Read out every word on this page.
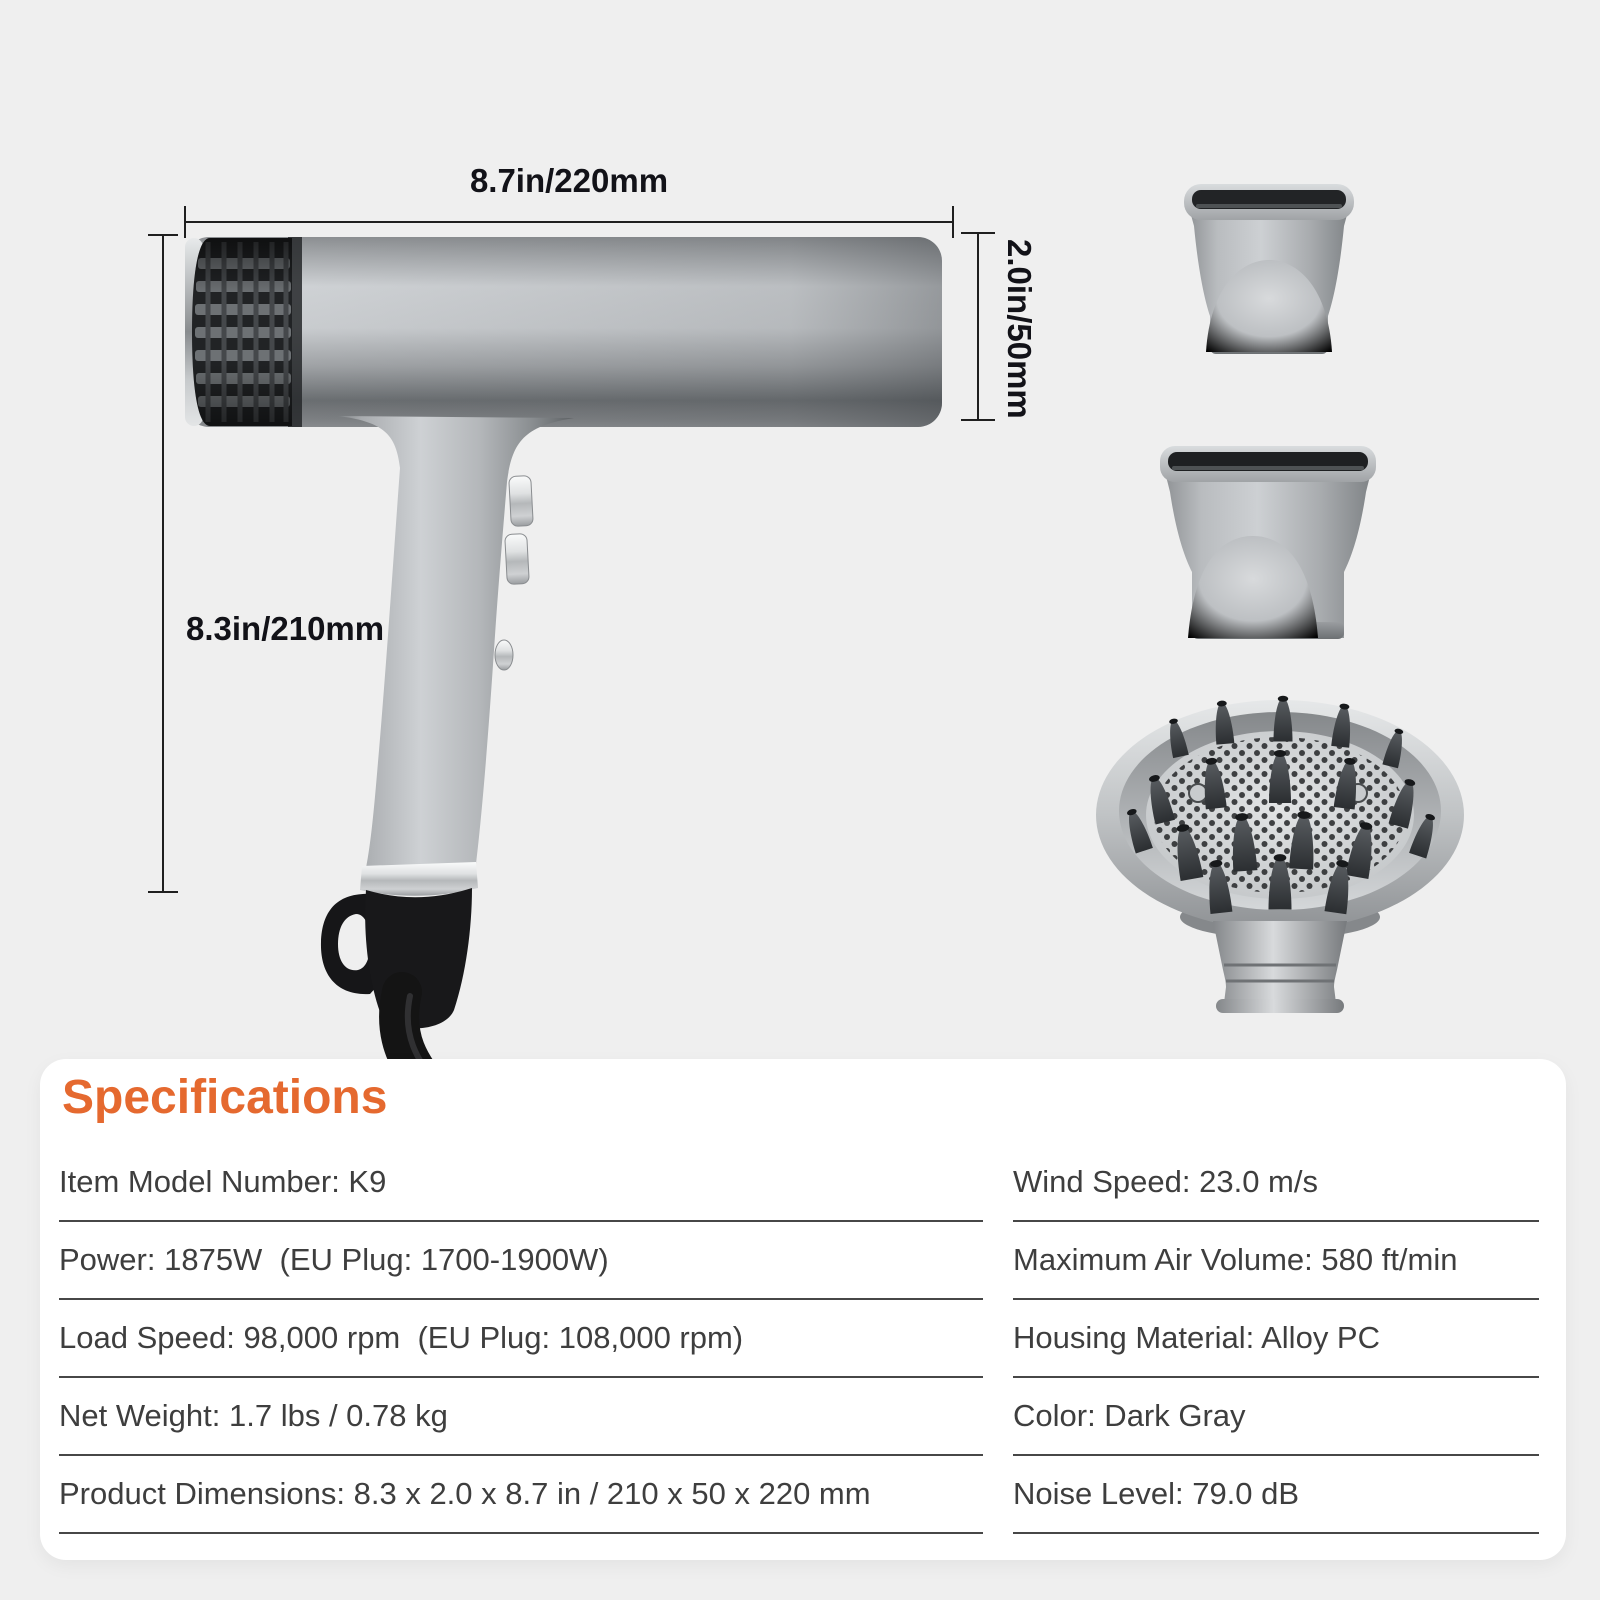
8.7in/220mm
2.0in/50mm
8.3in/210mm
Specifications
Item Model Number: K9
Power: 1875W  (EU Plug: 1700-1900W)
Load Speed: 98,000 rpm  (EU Plug: 108,000 rpm)
Net Weight: 1.7 lbs / 0.78 kg
Product Dimensions: 8.3 x 2.0 x 8.7 in / 210 x 50 x 220 mm
Wind Speed: 23.0 m/s
Maximum Air Volume: 580 ft/min
Housing Material: Alloy PC
Color: Dark Gray
Noise Level: 79.0 dB
